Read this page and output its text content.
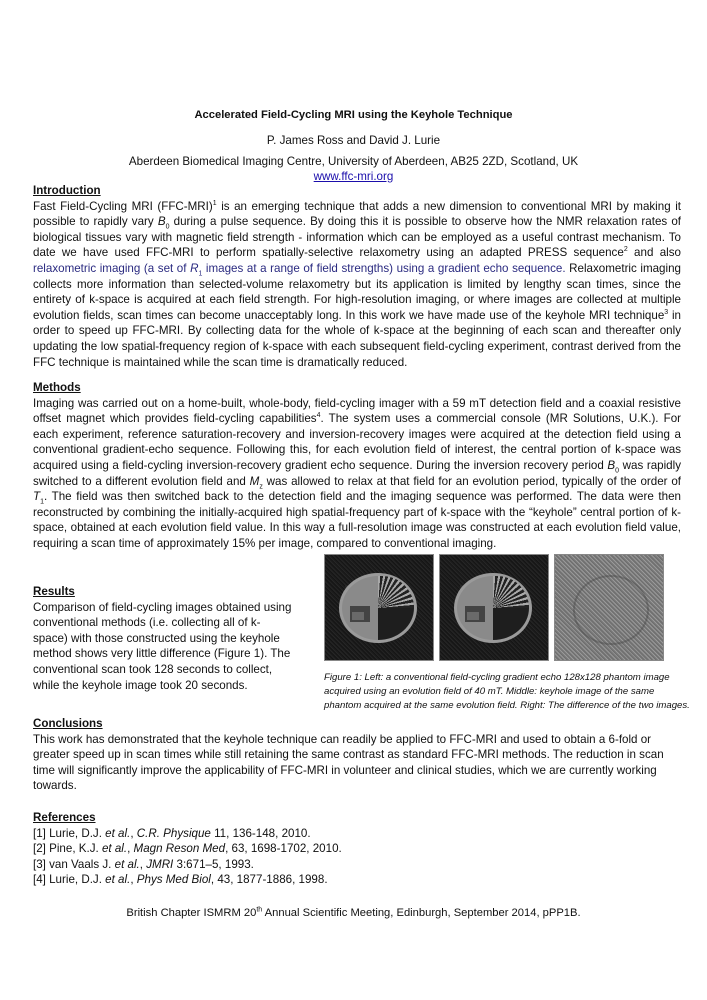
Accelerated Field-Cycling MRI using the Keyhole Technique
P. James Ross and David J. Lurie
Aberdeen Biomedical Imaging Centre, University of Aberdeen, AB25 2ZD, Scotland, UK
www.ffc-mri.org
Introduction

Fast Field-Cycling MRI $(FFC-MRI)^1$ is an emerging technique that adds a new dimension to conventional MRI by making it possible to rapidly vary $B_0$ during a pulse sequence. By doing this it is possible to observe how the NMR relaxation rates of biological tissues vary with magnetic field strength - information which can be employed as a useful contrast mechanism. To date we have used FFC-MRI to perform spatially-selective relaxometry using an adapted PRESS sequence$^2$ and also relaxometric imaging (a set of $R_1$ images at a range of field strengths) using a gradient echo sequence. Relaxometric imaging collects more information than selected-volume relaxometry but its application is limited by lengthy scan times, since the entirety of k-space is acquired at each field strength. For high-resolution imaging, or where images are collected at multiple evolution fields, scan times can become unacceptably long. In this work we have made use of the keyhole MRI technique$^3$ in order to speed up FFC-MRI. By collecting data for the whole of k-space at the beginning of each scan and thereafter only updating the low spatial-frequency region of k-space with each subsequent field-cycling experiment, contrast derived from the FFC technique is maintained while the scan time is dramatically reduced.

Methods

Imaging was carried out on a home-built, whole-body, field-cycling imager with a 59 mT detection field and a coaxial resistive offset magnet which provides field-cycling capabilities$^4$. The system uses a commercial console (MR Solutions, U.K.). For each experiment, reference saturation-recovery and inversion-recovery images were acquired at the detection field using a conventional gradient-echo sequence. Following this, for each evolution field of interest, the central portion of k-space was acquired using a field-cycling inversion-recovery gradient echo sequence. During the inversion recovery period $B_0$ was rapidly switched to a different evolution field and $M_z$ was allowed to relax at that field for an evolution period, typically of the order of $T_1$. The field was then switched back to the detection field and the imaging sequence was performed. The data were then reconstructed by combining the initially-acquired high spatial-frequency part of k-space with the “keyhole” central portion of k-space, obtained at each evolution field value. In this way a full-resolution image was constructed at each evolution field value, requiring a scan time of approximately 15% per image, compared to conventional imaging.

Results

Comparison of field-cycling images obtained using conventional methods (i.e. collecting all of k-space) with those constructed using the keyhole method shows very little difference (Figure 1). The conventional scan took 128 seconds to collect, while the keyhole image took 20 seconds.

Figure 1: Left: a conventional field-cycling gradient echo 128x128 phantom image acquired using an evolution field of 40 mT. Middle: keyhole image of the same phantom acquired at the same evolution field. Right: The difference of the two images.
Conclusions

This work has demonstrated that the keyhole technique can readily be applied to FFC-MRI and used to obtain a 6-fold or greater speed up in scan times while still retaining the same contrast as standard FFC-MRI methods. The reduction in scan time will significantly improve the applicability of FFC-MRI in volunteer and clinical studies, which we are currently working towards.

References
[1] Lurie, D.J. et al., C.R. Physique 11, 136-148, 2010.
[2] Pine, K.J. et al., Magn Reson Med, 63, 1698-1702, 2010.
[3] van Vaals J. et al., JMRI 3:671–5, 1993.
[4] Lurie, D.J. et al., Phys Med Biol, 43, 1877-1886, 1998.
British Chapter ISMRM 20th Annual Scientific Meeting, Edinburgh, September 2014, pPP1B.
